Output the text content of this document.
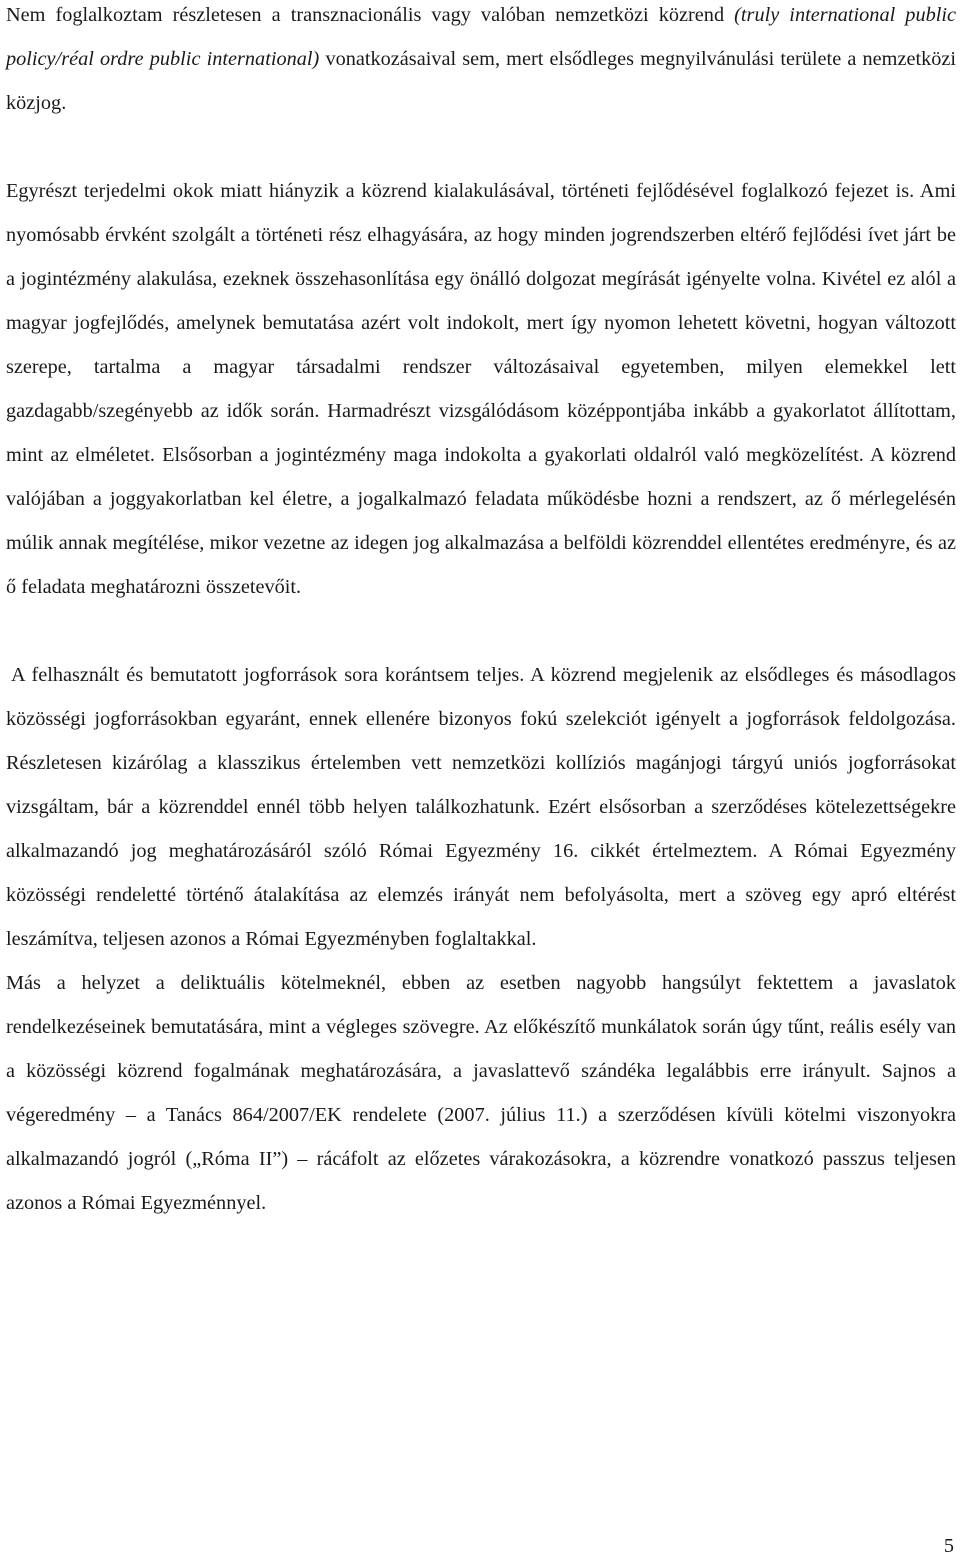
Nem foglalkoztam részletesen a transznacionális vagy valóban nemzetközi közrend (truly international public policy/réal ordre public international) vonatkozásaival sem, mert elsődleges megnyilvánulási területe a nemzetközi közjog.

Egyrészt terjedelmi okok miatt hiányzik a közrend kialakulásával, történeti fejlődésével foglalkozó fejezet is. Ami nyomósabb érvként szolgált a történeti rész elhagyására, az hogy minden jogrendszerben eltérő fejlődési ívet járt be a jogintézmény alakulása, ezeknek összehasonlítása egy önálló dolgozat megírását igényelte volna. Kivétel ez alól a magyar jogfejlődés, amelynek bemutatása azért volt indokolt, mert így nyomon lehetett követni, hogyan változott szerepe, tartalma a magyar társadalmi rendszer változásaival egyetemben, milyen elemekkel lett gazdagabb/szegényebb az idők során. Harmadrészt vizsgálódásom középpontjába inkább a gyakorlatot állítottam, mint az elméletet. Elsősorban a jogintézmény maga indokolta a gyakorlati oldalról való megközelítést. A közrend valójában a joggyakorlatban kel életre, a jogalkalmazó feladata működésbe hozni a rendszert, az ő mérlegelésén múlik annak megítélése, mikor vezetne az idegen jog alkalmazása a belföldi közrenddel ellentétes eredményre, és az ő feladata meghatározni összetevőit.

A felhasznált és bemutatott jogforrások sora korántsem teljes. A közrend megjelenik az elsődleges és másodlagos közösségi jogforrásokban egyaránt, ennek ellenére bizonyos fokú szelekciót igényelt a jogforrások feldolgozása. Részletesen kizárólag a klasszikus értelemben vett nemzetközi kollíziós magánjogi tárgyú uniós jogforrásokat vizsgáltam, bár a közrenddel ennél több helyen találkozhatunk. Ezért elsősorban a szerződéses kötelezettségekre alkalmazandó jog meghatározásáról szóló Római Egyezmény 16. cikkét értelmeztem. A Római Egyezmény közösségi rendeletté történő átalakítása az elemzés irányát nem befolyásolta, mert a szöveg egy apró eltérést leszámítva, teljesen azonos a Római Egyezményben foglaltakkal.

Más a helyzet a deliktuális kötelmeknél, ebben az esetben nagyobb hangsúlyt fektettem a javaslatok rendelkezéseinek bemutatására, mint a végleges szövegre. Az előkészítő munkálatok során úgy tűnt, reális esély van a közösségi közrend fogalmának meghatározására, a javaslattevő szándéka legalábbis erre irányult. Sajnos a végeredmény – a Tanács 864/2007/EK rendelete (2007. július 11.) a szerződésen kívüli kötelmi viszonyokra alkalmazandó jogról („Róma II”) – rácáfolt az előzetes várakozásokra, a közrendre vonatkozó passzus teljesen azonos a Római Egyezménnyel.

5
